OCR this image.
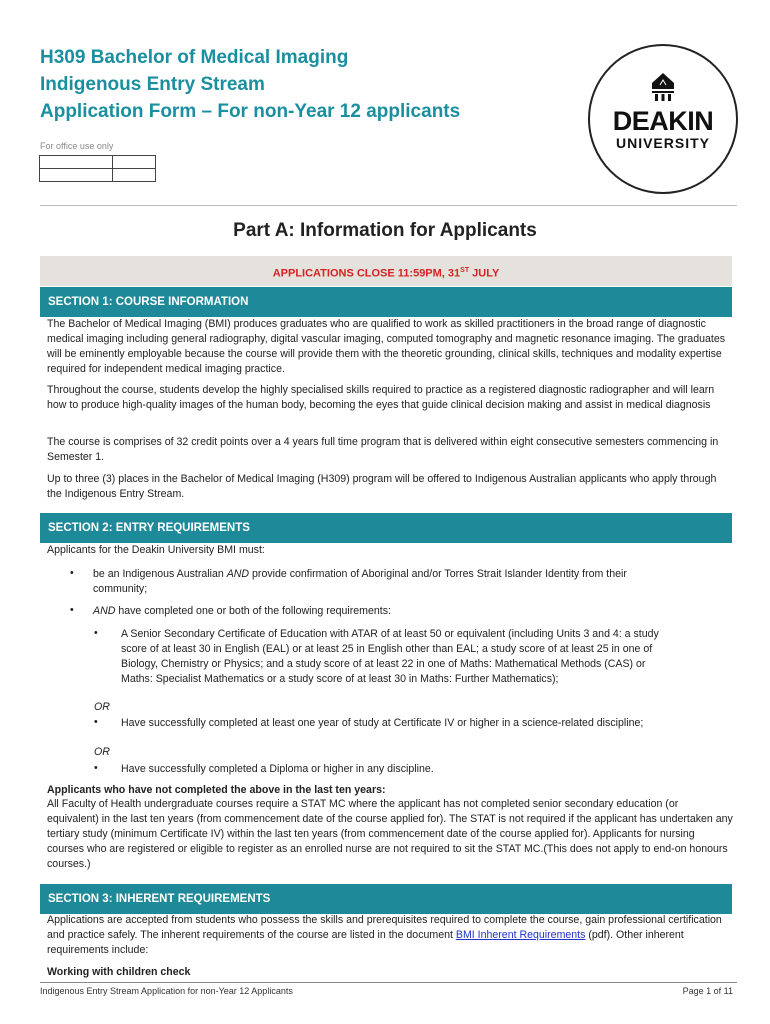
H309 Bachelor of Medical Imaging
Indigenous Entry Stream
Application Form – For non-Year 12 applicants
For office use only

DEAKIN
UNIVERSITY
Part A: Information for Applicants
APPLICATIONS CLOSE 11:59PM, 31ST JULY
SECTION 1: COURSE INFORMATION
The Bachelor of Medical Imaging (BMI) produces graduates who are qualified to work as skilled practitioners in the broad range of diagnostic medical imaging including general radiography, digital vascular imaging, computed tomography and magnetic resonance imaging. The graduates will be eminently employable because the course will provide them with the theoretic grounding, clinical skills, techniques and modality expertise required for independent medical imaging practice.
Throughout the course, students develop the highly specialised skills required to practice as a registered diagnostic radiographer and will learn how to produce high-quality images of the human body, becoming the eyes that guide clinical decision making and assist in medical diagnosis
The course is comprises of 32 credit points over a 4 years full time program that is delivered within eight consecutive semesters commencing in Semester 1.
Up to three (3) places in the Bachelor of Medical Imaging (H309) program will be offered to Indigenous Australian applicants who apply through the Indigenous Entry Stream.
SECTION 2: ENTRY REQUIREMENTS
Applicants for the Deakin University BMI must:
• be an Indigenous Australian AND provide confirmation of Aboriginal and/or Torres Strait Islander Identity from their community;
• AND have completed one or both of the following requirements:
• A Senior Secondary Certificate of Education with ATAR of at least 50 or equivalent (including Units 3 and 4: a study score of at least 30 in English (EAL) or at least 25 in English other than EAL; a study score of at least 25 in one of Biology, Chemistry or Physics; and a study score of at least 22 in one of Maths: Mathematical Methods (CAS) or Maths: Specialist Mathematics or a study score of at least 30 in Maths: Further Mathematics);
OR
• Have successfully completed at least one year of study at Certificate IV or higher in a science-related discipline;
OR
• Have successfully completed a Diploma or higher in any discipline.
Applicants who have not completed the above in the last ten years:
All Faculty of Health undergraduate courses require a STAT MC where the applicant has not completed senior secondary education (or equivalent) in the last ten years (from commencement date of the course applied for). The STAT is not required if the applicant has undertaken any tertiary study (minimum Certificate IV) within the last ten years (from commencement date of the course applied for). Applicants for nursing courses who are registered or eligible to register as an enrolled nurse are not required to sit the STAT MC.(This does not apply to end-on honours courses.)
SECTION 3: INHERENT REQUIREMENTS
Applications are accepted from students who possess the skills and prerequisites required to complete the course, gain professional certification and practice safely. The inherent requirements of the course are listed in the document BMI Inherent Requirements (pdf). Other inherent requirements include:
Working with children check
Indigenous Entry Stream Application for non-Year 12 Applicants	Page 1 of 11
